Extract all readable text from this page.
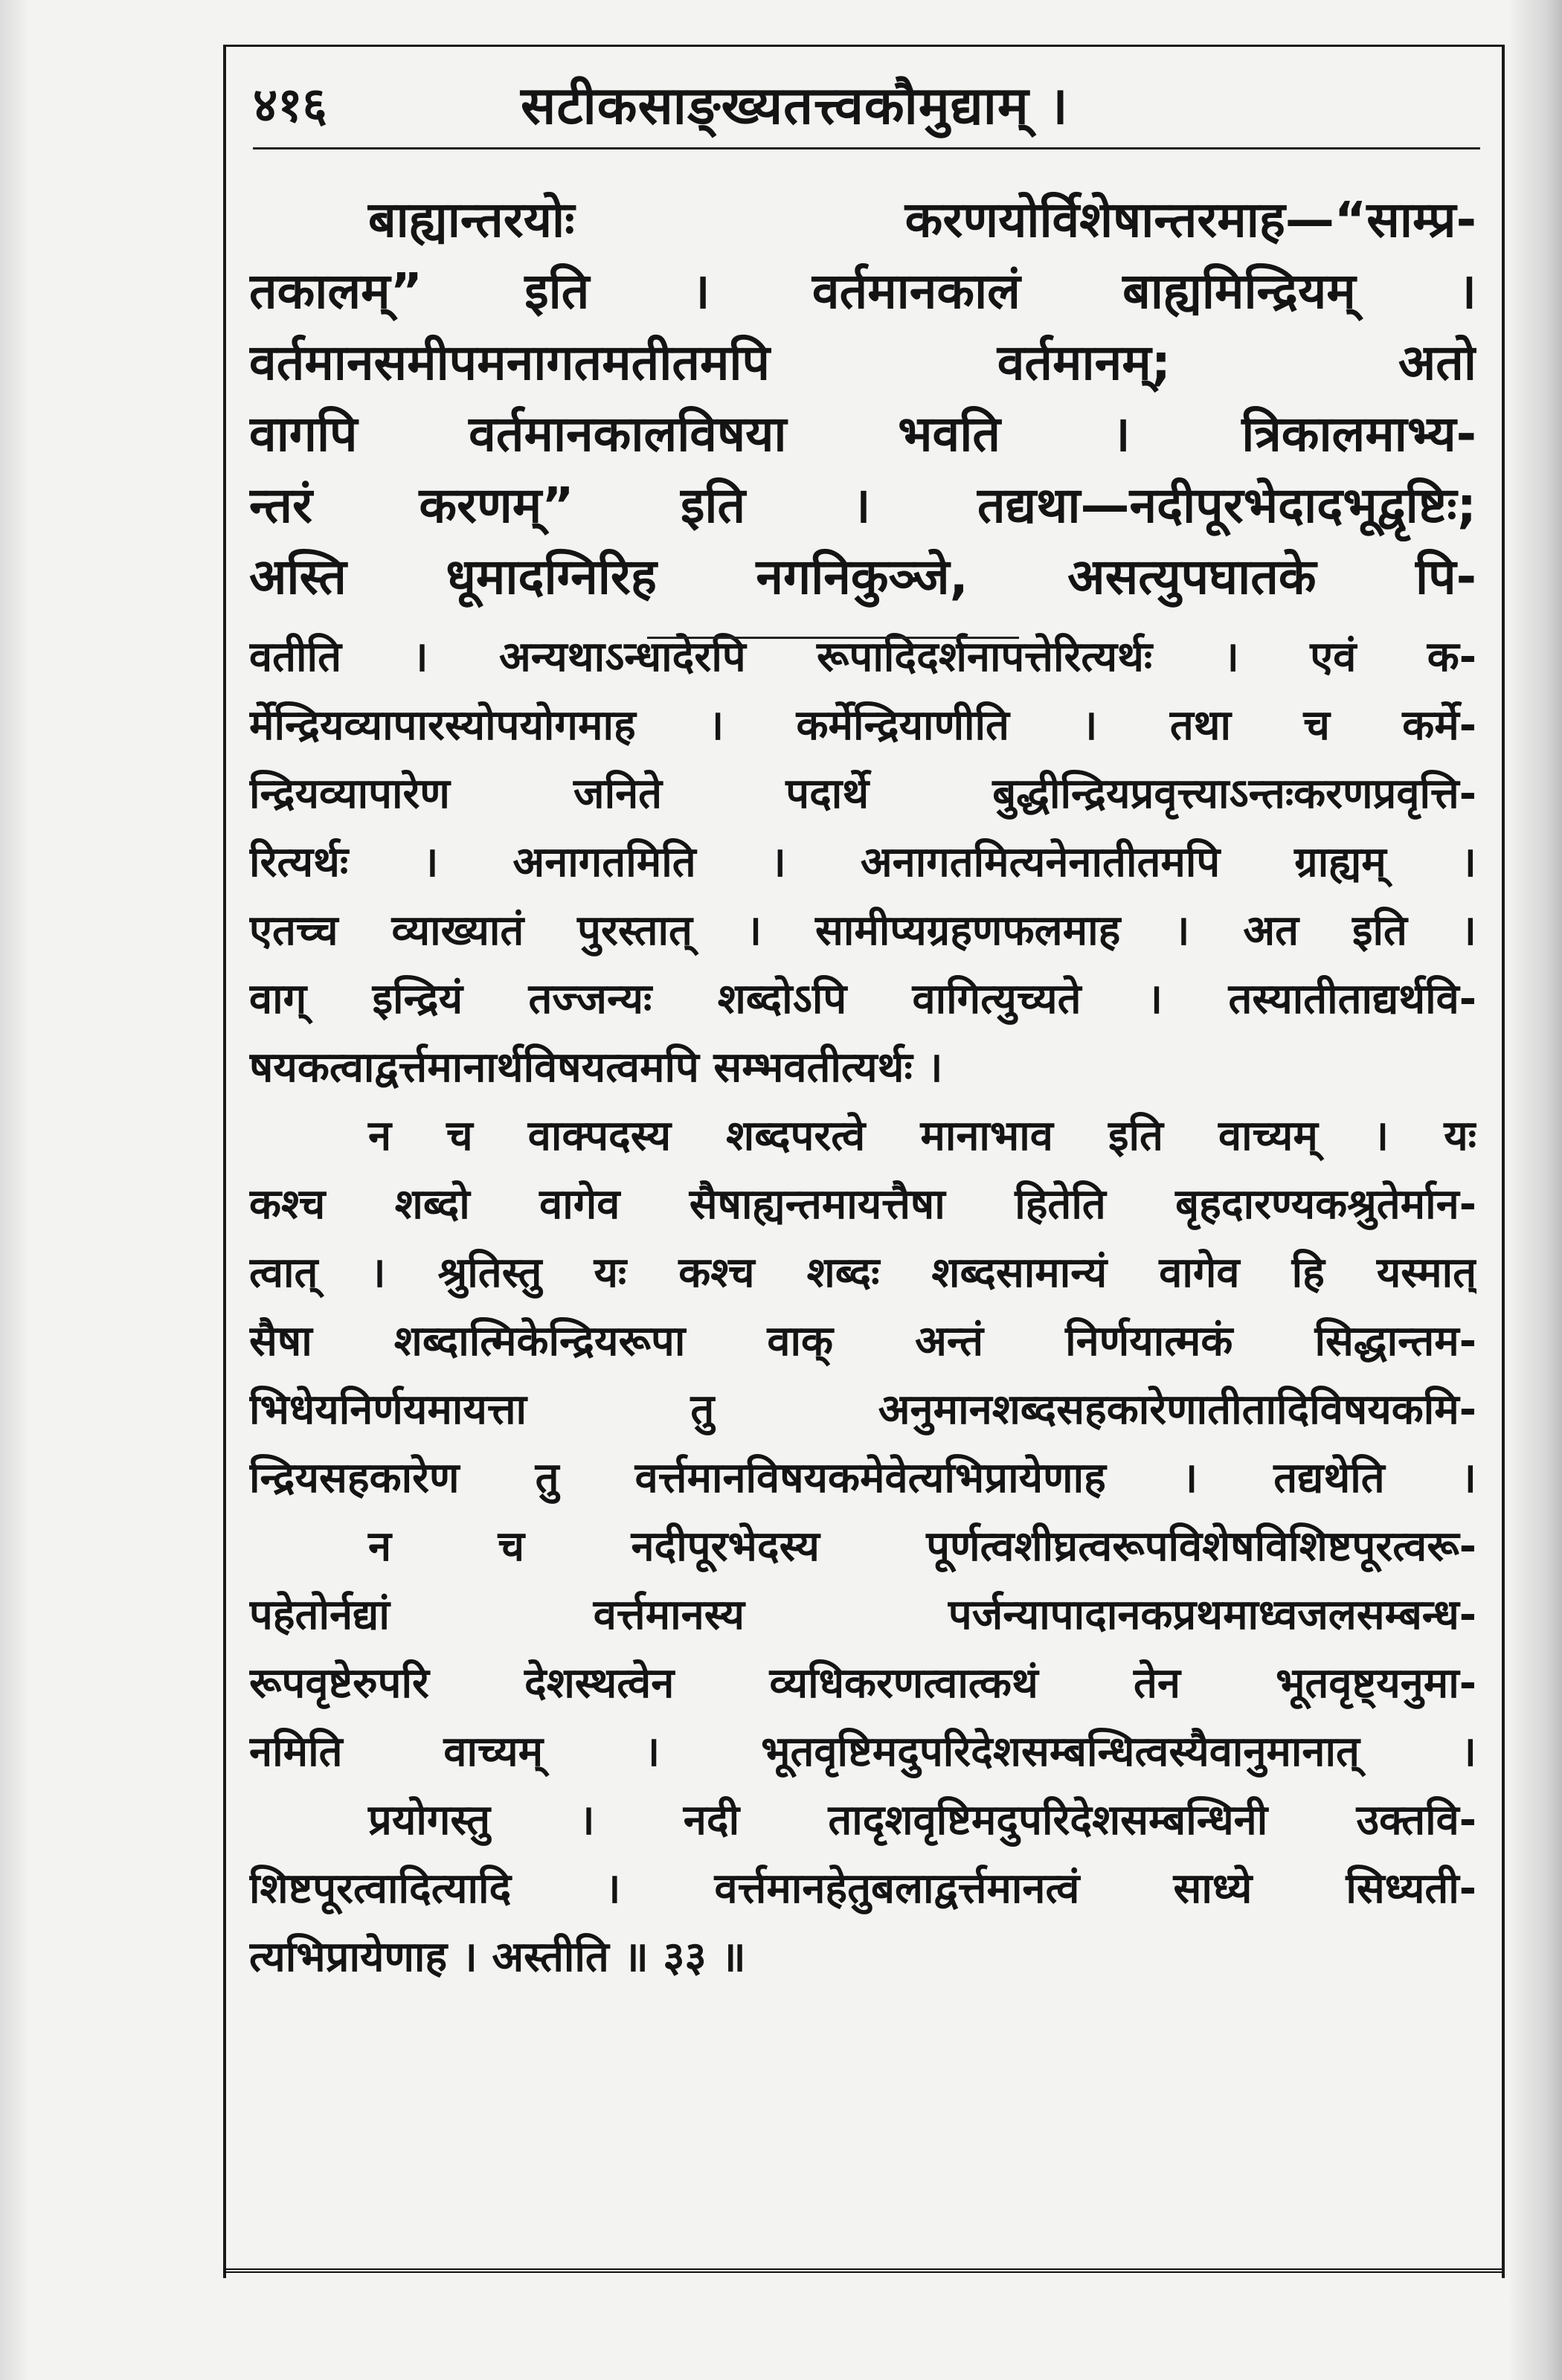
४१६	सटीकसाङ्ख्यतत्त्वकौमुद्याम् ।
बाह्यान्तरयोः करणयोर्विशेषान्तरमाह—“साम्प्र-
तकालम्” इति । वर्तमानकालं बाह्यमिन्द्रियम् ।
वर्तमानसमीपमनागतमतीतमपि वर्तमानम्; अतो
वागपि वर्तमानकालविषया भवति । त्रिकालमाभ्य-
न्तरं करणम्” इति । तद्यथा—नदीपूरभेदादभूद्वृष्टिः;
अस्ति धूमादग्निरिह नगनिकुञ्जे, असत्युपघातके पि-
वतीति । अन्यथाऽन्धादेरपि रूपादिदर्शनापत्तेरित्यर्थः । एवं क-
र्मेन्द्रियव्यापारस्योपयोगमाह । कर्मेन्द्रियाणीति । तथा च कर्मे-
न्द्रियव्यापारेण जनिते पदार्थे बुद्धीन्द्रियप्रवृत्त्याऽन्तःकरणप्रवृत्ति-
रित्यर्थः । अनागतमिति । अनागतमित्यनेनातीतमपि ग्राह्यम् ।
एतच्च व्याख्यातं पुरस्तात् । सामीप्यग्रहणफलमाह । अत इति ।
वाग् इन्द्रियं तज्जन्यः शब्दोऽपि वागित्युच्यते । तस्यातीताद्यर्थवि-
षयकत्वाद्वर्त्तमानार्थविषयत्वमपि सम्भवतीत्यर्थः ।
न च वाक्पदस्य शब्दपरत्वे मानाभाव इति वाच्यम् । यः
कश्च शब्दो वागेव सैषाह्यन्तमायत्तैषा हितेति बृहदारण्यकश्रुतेर्मान-
त्वात् । श्रुतिस्तु यः कश्च शब्दः शब्दसामान्यं वागेव हि यस्मात्
सैषा शब्दात्मिकेन्द्रियरूपा वाक् अन्तं निर्णयात्मकं सिद्धान्तम-
भिधेयनिर्णयमायत्ता तु अनुमानशब्दसहकारेणातीतादिविषयकमि-
न्द्रियसहकारेण तु वर्त्तमानविषयकमेवेत्यभिप्रायेणाह । तद्यथेति ।
न च नदीपूरभेदस्य पूर्णत्वशीघ्रत्वरूपविशेषविशिष्टपूरत्वरू-
पहेतोर्नद्यां वर्त्तमानस्य पर्जन्यापादानकप्रथमाध्वजलसम्बन्ध-
रूपवृष्टेरुपरि देशस्थत्वेन व्यधिकरणत्वात्कथं तेन भूतवृष्ट्यनुमा-
नमिति वाच्यम् । भूतवृष्टिमदुपरिदेशसम्बन्धित्वस्यैवानुमानात् ।
प्रयोगस्तु । नदी तादृशवृष्टिमदुपरिदेशसम्बन्धिनी उक्तवि-
शिष्टपूरत्वादित्यादि । वर्त्तमानहेतुबलाद्वर्त्तमानत्वं साध्ये सिध्यती-
त्यभिप्रायेणाह । अस्तीति ॥ ३३ ॥
